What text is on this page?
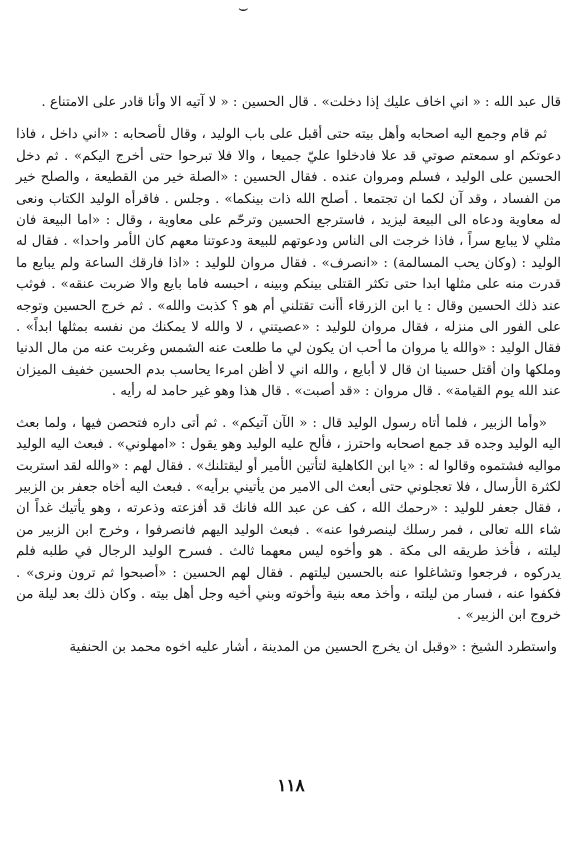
⌣

قال عبد الله : « اني اخاف عليك إذا دخلت» . قال الحسين : « لا آتيه الا وأنا قادر على الامتناع .

ثم قام وجمع اليه اصحابه وأهل بيته حتى أقبل على باب الوليد ، وقال لأصحابه : «اني داخل ، فاذا دعوتكم او سمعتم صوتي قد علا فادخلوا عليّ جميعا ، والا فلا تبرحوا حتى أخرج اليكم» . ثم دخل الحسين على الوليد ، فسلم ومروان عنده . فقال الحسين : «الصلة خير من القطيعة ، والصلح خير من الفساد ، وقد آن لكما ان تجتمعا . أصلح الله ذات بينكما» . وجلس . فاقرأه الوليد الكتاب ونعى له معاوية ودعاه الى البيعة ليزيد ، فاسترجع الحسين وترحّم على معاوية ، وقال : «اما البيعة فان مثلي لا يبايع سراً ، فاذا خرجت الى الناس ودعوتهم للبيعة ودعوتنا معهم كان الأمر واحدا» . فقال له الوليد : (وكان يحب المسالمة) : «انصرف» . فقال مروان للوليد : «اذا فارقك الساعة ولم يبايع ما قدرت منه على مثلها ابدا حتى تكثر القتلى بينكم وبينه ، احبسه فاما بايع والا ضربت عنقه» . فوثب عند ذلك الحسين وقال : يا ابن الزرقاء أأنت تقتلني أم هو ؟ كذبت والله» . ثم خرج الحسين وتوجه على الفور الى منزله ، فقال مروان للوليد : «عصيتني ، لا والله لا يمكنك من نفسه بمثلها ابداً» . فقال الوليد : «والله يا مروان ما أحب ان يكون لي ما طلعت عنه الشمس وغربت عنه من مال الدنيا وملكها وان أقتل حسينا ان قال لا أبايع ، والله اني لا أظن امرءا يحاسب بدم الحسين خفيف الميزان عند الله يوم القيامة» . قال مروان : «قد أصبت» . قال هذا وهو غير حامد له رأيه .

«وأما الزبير ، فلما أتاه رسول الوليد قال : « الآن آتيكم» . ثم أتى داره فتحصن فيها ، ولما بعث اليه الوليد وجده قد جمع اصحابه واحترز ، فألح عليه الوليد وهو يقول : «امهلوني» . فبعث اليه الوليد مواليه فشتموه وقالوا له : «يا ابن الكاهلية لتأتين الأمير أو ليقتلنك» . فقال لهم : «والله لقد استربت لكثرة الأرسال ، فلا تعجلوني حتى أبعث الى الامير من يأتيني برأيه» . فبعث اليه أخاه جعفر بن الزبير ، فقال جعفر للوليد : «رحمك الله ، كف عن عبد الله فانك قد أفزعته وذعرته ، وهو يأتيك غداً ان شاء الله تعالى ، فمر رسلك لينصرفوا عنه» . فبعث الوليد اليهم فانصرفوا ، وخرج ابن الزبير من ليلته ، فأخذ طريقه الى مكة . هو وأخوه ليس معهما ثالث . فسرح الوليد الرجال في طلبه فلم يدركوه ، فرجعوا وتشاغلوا عنه بالحسين ليلتهم . فقال لهم الحسين : «أصبحوا ثم ترون ونرى» . فكفوا عنه ، فسار من ليلته ، وأخذ معه بنية وأخوته وبني أخيه وجل أهل بيته . وكان ذلك بعد ليلة من خروج ابن الزبير» .

واستطرد الشيخ : «وقبل ان يخرج الحسين من المدينة ، أشار عليه اخوه محمد بن الحنفية

١١٨
